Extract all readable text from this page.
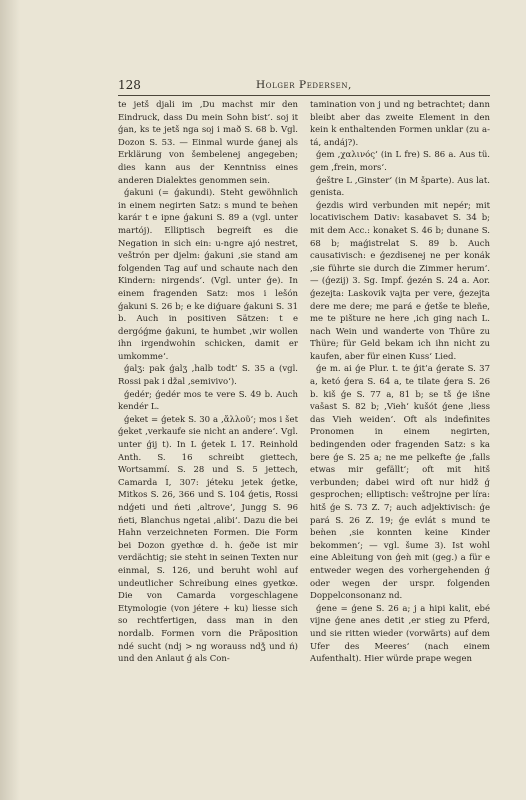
128	Holger Pedersen,

te jetš djali im ‚Du machst mir den Eindruck, dass Du mein Sohn bist‘. soj it ǵan, ks te jetš nga soj i mað S. 68 b. Vgl. Dozon S. 53. — Einmal wurde ǵanej als Erklärung von šembelenej angegeben; dies kann aus der Kenntniss eines anderen Dialektes genommen sein.

ǵakuni (= ǵakundi). Steht gewöhnlich in einem negirten Satz: s mund te beǹen karár t e ipne ǵakuni S. 89 a (vgl. unter martój). Elliptisch begreift es die Negation in sich ein: u-ngre ajó nestret, veštrón per djelm: ǵakuni ‚sie stand am folgenden Tag auf und schaute nach den Kindern: nirgends‘. (Vgl. unter ǵe). In einem fragenden Satz: mos i lešón ǵakuni S. 26 b; e ke diǵuare ǵakuni S. 31 b. Auch in positiven Sätzen: t e dergóǵme ǵakuni, te humbet ‚wir wollen ihn irgendwohin schicken, damit er umkomme‘.

ǵalʒ: pak ǵalʒ ‚halb todt‘ S. 35 a (vgl. Rossi pak i džal ‚semivivo‘).

ǵedér; ǵedér mos te vere S. 49 b. Auch kendér L.

ǵeket = ǵetek S. 30 a ‚ἄλλοῦ‘; mos i šet ǵeket ‚verkaufe sie nicht an andere‘. Vgl. unter ǵij t). In L ǵetek L 17. Reinhold Anth. S. 16 schreibt giettech, Wortsammí. S. 28 und S. 5 jettech, Camarda I, 307: jéteku jetek ǵetke, Mitkos S. 26, 366 und S. 104 ǵetis, Rossi ndǵeti und ńeti ‚altrove‘, Jungg S. 96 ńeti, Blanchus ngetai ‚alibi‘. Dazu die bei Hahn verzeichneten Formen. Die Form bei Dozon gyethœ d. h. ǵeðe ist mir verdächtig; sie steht in seinen Texten nur einmal, S. 126, und beruht wohl auf undeutlicher Schreibung eines gyetkœ. Die von Camarda vorgeschlagene Etymologie (von jétere + ku) liesse sich so rechtfertigen, dass man in den nordalb. Formen vorn die Präposition ndé sucht (ndj > ng worauss ndǯ und ń) und den Anlaut ǵ als Con-

tamination von j und ng betrachtet; dann bleibt aber das zweite Element in den kein k enthaltenden Formen unklar (zu a-tá, andáj?).

ǵem ‚χαλινός‘ (in L fre) S. 86 a. Aus tü. gem ‚frein, mors‘.

ǵeštre L ‚Ginster‘ (in M šparte). Aus lat. genista.

ǵezdis wird verbunden mit nepér; mit locativischem Dativ: kasabavet S. 34 b; mit dem Acc.: konaket S. 46 b; dunane S. 68 b; maǵistrelat S. 89 b. Auch causativisch: e ǵezdisenej ne per konák ‚sie führte sie durch die Zimmer herum‘. — (ǵezij) 3. Sg. Impf. ǵezén S. 24 a. Aor. ǵezejta: Laskovik vajta per vere, ǵezejta dere me dere; me pará e ǵetše te bleñe, me te pišture ne here ‚ich ging nach L. nach Wein und wanderte von Thüre zu Thüre; für Geld bekam ich ihn nicht zu kaufen, aber für einen Kuss‘ Lied.

ǵe m. ai ǵe Plur. t. te ǵit’a ǵerate S. 37 a, ketó ǵera S. 64 a, te tilate ǵera S. 26 b. kiš ǵe S. 77 a, 81 b; se tš ǵe išne vašast S. 82 b; ‚Vieh‘ kušót ǵene ‚liess das Vieh weiden‘. Oft als indefinites Pronomen in einem negirten, bedingenden oder fragenden Satz: s ka bere ǵe S. 25 a; ne me pelkefte ǵe ‚falls etwas mir gefällt‘; oft mit hitš verbunden; dabei wird oft nur hidž ǵ gesprochen; elliptisch: veštrojne per líra: hitš ǵe S. 73 Z. 7; auch adjektivisch: ǵe pará S. 26 Z. 19; ǵe evlát s mund te beǹen ‚sie konnten keine Kinder bekommen‘; — vgl. šume 3). Ist wohl eine Ableitung von ǵeǹ mit (geg.) a für e entweder wegen des vorhergehenden ǵ oder wegen der urspr. folgenden Doppelconsonanz nd.

ǵene = ǵene S. 26 a; j a hipi kalit, ebé vijne ǵene anes detit ‚er stieg zu Pferd, und sie ritten wieder (vorwärts) auf dem Ufer des Meeres‘ (nach einem Aufenthalt). Hier würde prape wegen
